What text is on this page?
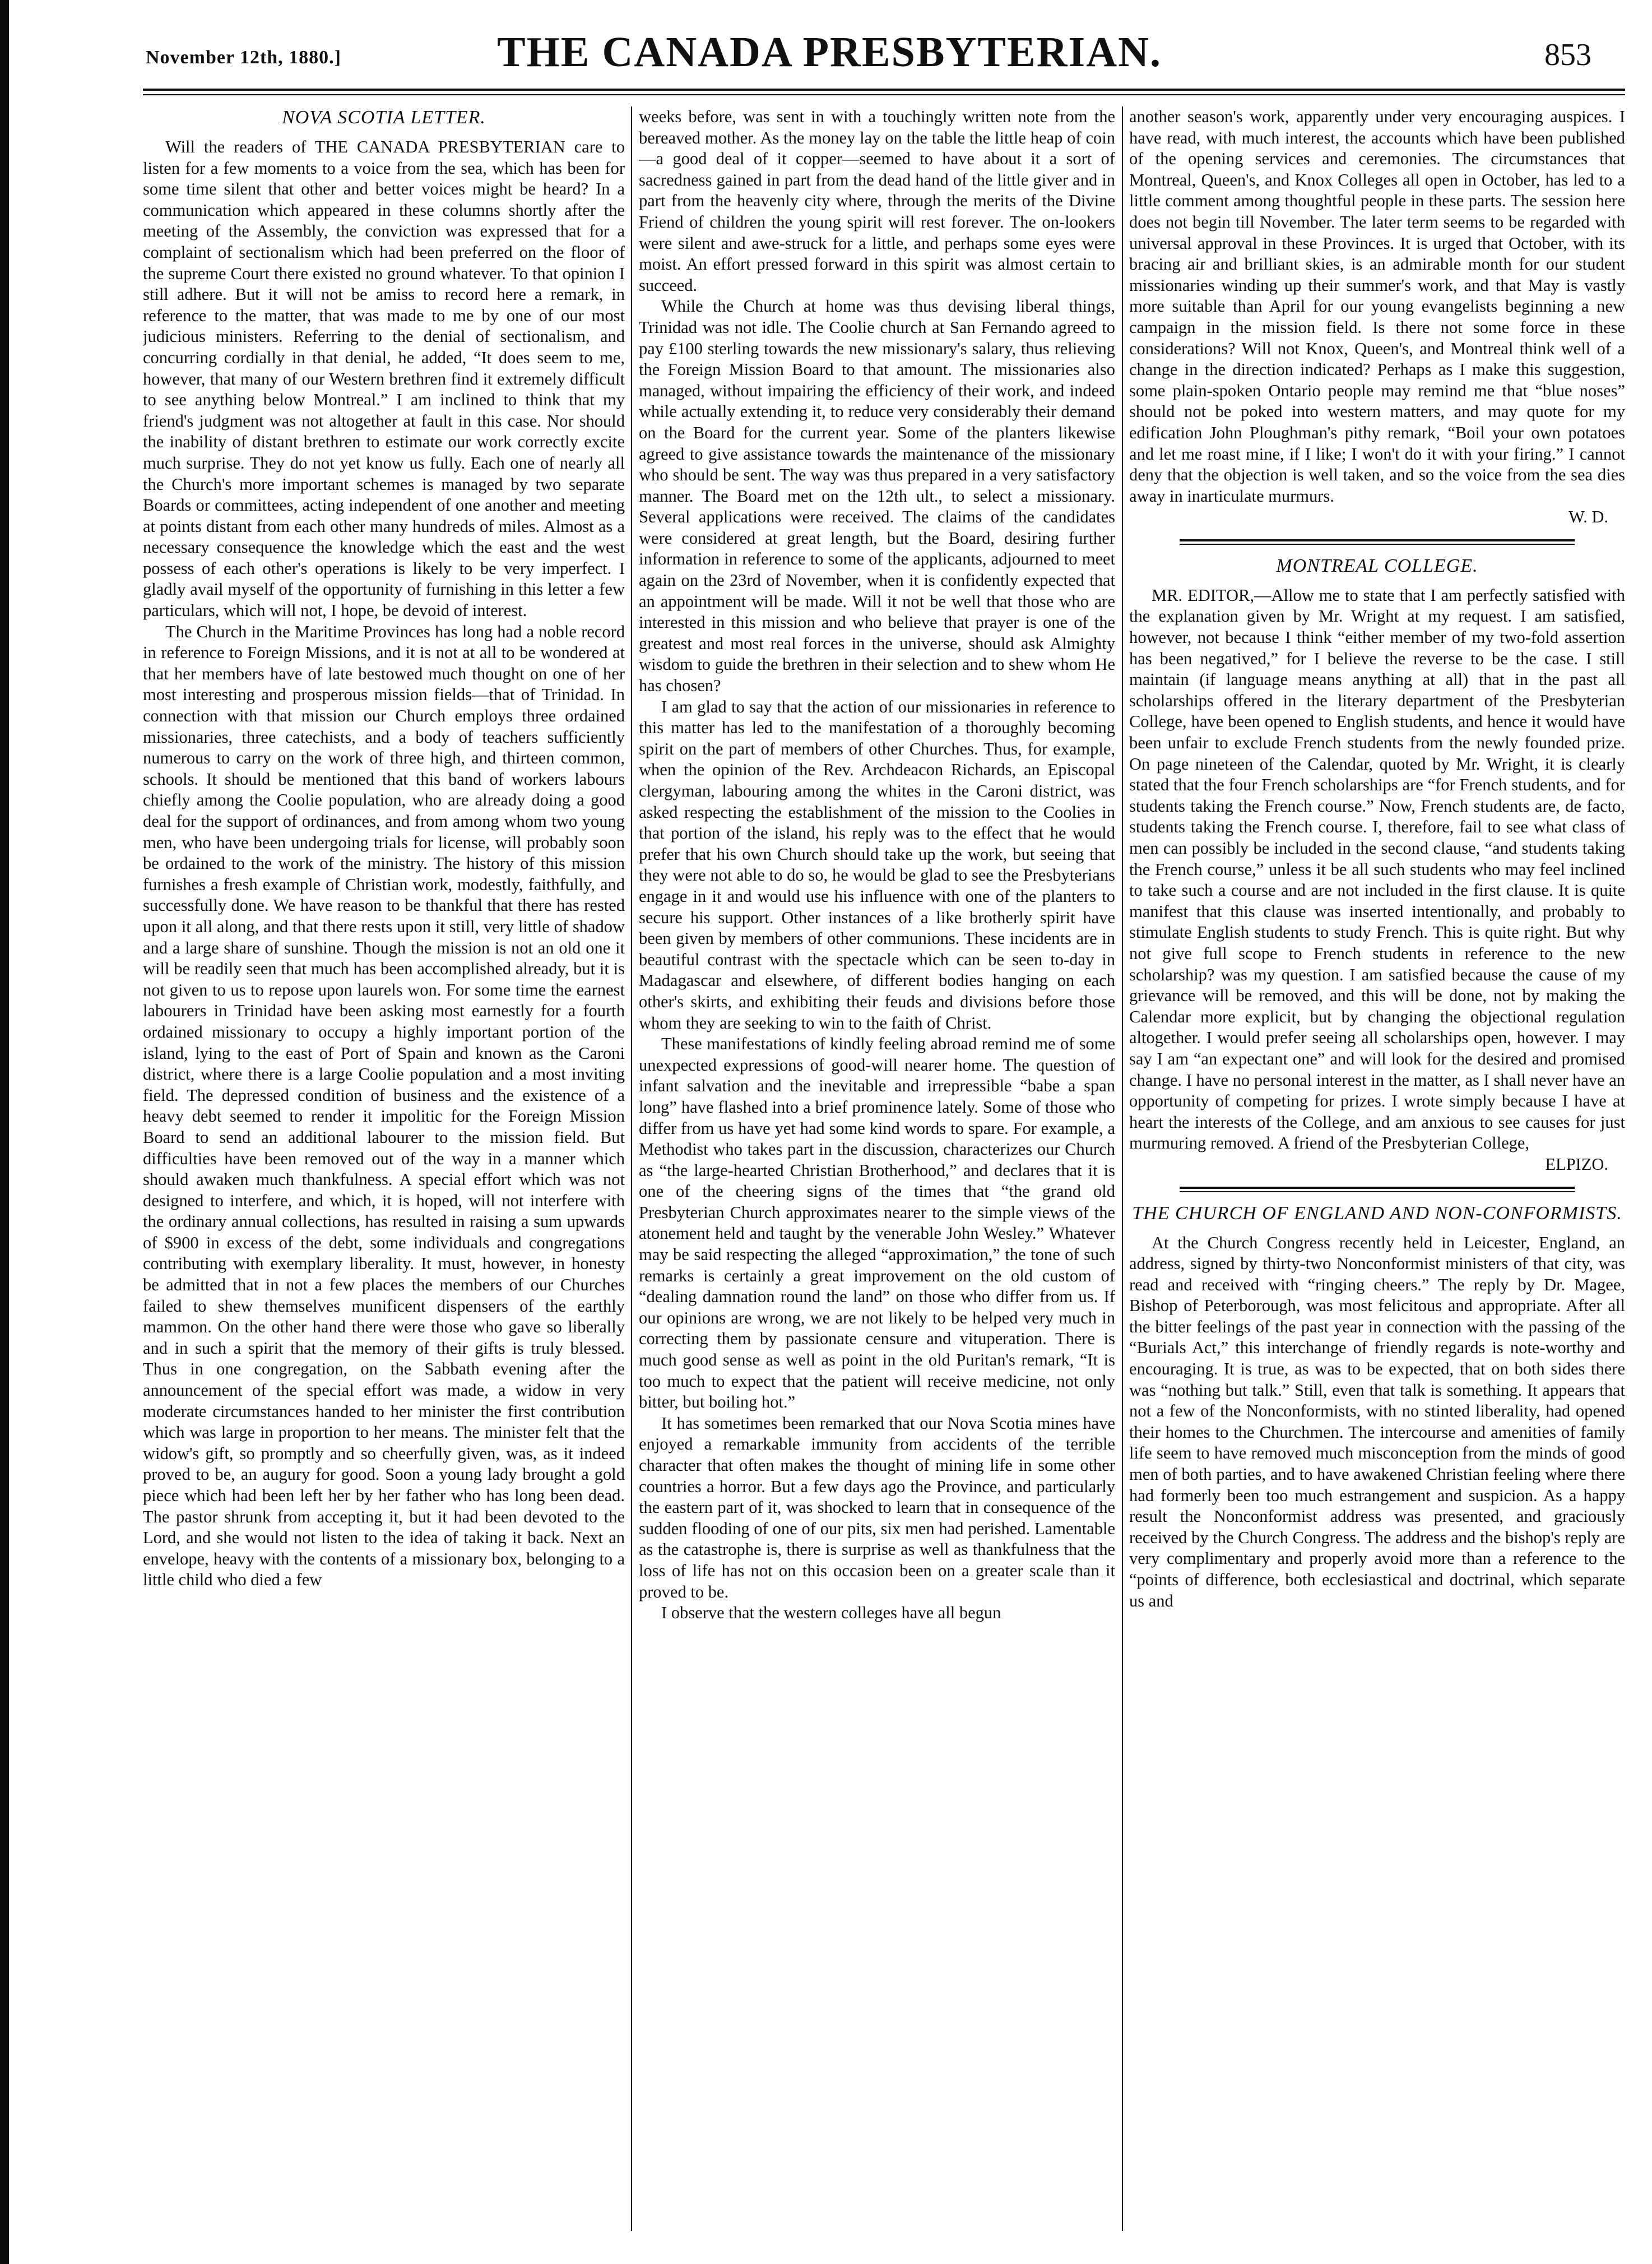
November 12th, 1880.]	THE CANADA PRESBYTERIAN.	853
NOVA SCOTIA LETTER.

Will the readers of THE CANADA PRESBYTERIAN care to listen for a few moments to a voice from the sea, which has been for some time silent that other and better voices might be heard? In a communication which appeared in these columns shortly after the meeting of the Assembly, the conviction was expressed that for a complaint of sectionalism which had been preferred on the floor of the supreme Court there existed no ground whatever. To that opinion I still adhere. But it will not be amiss to record here a remark, in reference to the matter, that was made to me by one of our most judicious ministers. Referring to the denial of sectionalism, and concurring cordially in that denial, he added, “It does seem to me, however, that many of our Western brethren find it extremely difficult to see anything below Montreal.” I am inclined to think that my friend's judgment was not altogether at fault in this case. Nor should the inability of distant brethren to estimate our work correctly excite much surprise. They do not yet know us fully. Each one of nearly all the Church's more important schemes is managed by two separate Boards or committees, acting independent of one another and meeting at points distant from each other many hundreds of miles. Almost as a necessary consequence the knowledge which the east and the west possess of each other's operations is likely to be very imperfect. I gladly avail myself of the opportunity of furnishing in this letter a few particulars, which will not, I hope, be devoid of interest.

The Church in the Maritime Provinces has long had a noble record in reference to Foreign Missions, and it is not at all to be wondered at that her members have of late bestowed much thought on one of her most interesting and prosperous mission fields—that of Trinidad. In connection with that mission our Church employs three ordained missionaries, three catechists, and a body of teachers sufficiently numerous to carry on the work of three high, and thirteen common, schools. It should be mentioned that this band of workers labours chiefly among the Coolie population, who are already doing a good deal for the support of ordinances, and from among whom two young men, who have been undergoing trials for license, will probably soon be ordained to the work of the ministry. The history of this mission furnishes a fresh example of Christian work, modestly, faithfully, and successfully done. We have reason to be thankful that there has rested upon it all along, and that there rests upon it still, very little of shadow and a large share of sunshine. Though the mission is not an old one it will be readily seen that much has been accomplished already, but it is not given to us to repose upon laurels won. For some time the earnest labourers in Trinidad have been asking most earnestly for a fourth ordained missionary to occupy a highly important portion of the island, lying to the east of Port of Spain and known as the Caroni district, where there is a large Coolie population and a most inviting field. The depressed condition of business and the existence of a heavy debt seemed to render it impolitic for the Foreign Mission Board to send an additional labourer to the mission field. But difficulties have been removed out of the way in a manner which should awaken much thankfulness. A special effort which was not designed to interfere, and which, it is hoped, will not interfere with the ordinary annual collections, has resulted in raising a sum upwards of $900 in excess of the debt, some individuals and congregations contributing with exemplary liberality. It must, however, in honesty be admitted that in not a few places the members of our Churches failed to shew themselves munificent dispensers of the earthly mammon. On the other hand there were those who gave so liberally and in such a spirit that the memory of their gifts is truly blessed. Thus in one congregation, on the Sabbath evening after the announcement of the special effort was made, a widow in very moderate circumstances handed to her minister the first contribution which was large in proportion to her means. The minister felt that the widow's gift, so promptly and so cheerfully given, was, as it indeed proved to be, an augury for good. Soon a young lady brought a gold piece which had been left her by her father who has long been dead. The pastor shrunk from accepting it, but it had been devoted to the Lord, and she would not listen to the idea of taking it back. Next an envelope, heavy with the contents of a missionary box, belonging to a little child who died a few

weeks before, was sent in with a touchingly written note from the bereaved mother. As the money lay on the table the little heap of coin—a good deal of it copper—seemed to have about it a sort of sacredness gained in part from the dead hand of the little giver and in part from the heavenly city where, through the merits of the Divine Friend of children the young spirit will rest forever. The on-lookers were silent and awe-struck for a little, and perhaps some eyes were moist. An effort pressed forward in this spirit was almost certain to succeed.

While the Church at home was thus devising liberal things, Trinidad was not idle. The Coolie church at San Fernando agreed to pay £100 sterling towards the new missionary's salary, thus relieving the Foreign Mission Board to that amount. The missionaries also managed, without impairing the efficiency of their work, and indeed while actually extending it, to reduce very considerably their demand on the Board for the current year. Some of the planters likewise agreed to give assistance towards the maintenance of the missionary who should be sent. The way was thus prepared in a very satisfactory manner. The Board met on the 12th ult., to select a missionary. Several applications were received. The claims of the candidates were considered at great length, but the Board, desiring further information in reference to some of the applicants, adjourned to meet again on the 23rd of November, when it is confidently expected that an appointment will be made. Will it not be well that those who are interested in this mission and who believe that prayer is one of the greatest and most real forces in the universe, should ask Almighty wisdom to guide the brethren in their selection and to shew whom He has chosen?

I am glad to say that the action of our missionaries in reference to this matter has led to the manifestation of a thoroughly becoming spirit on the part of members of other Churches. Thus, for example, when the opinion of the Rev. Archdeacon Richards, an Episcopal clergyman, labouring among the whites in the Caroni district, was asked respecting the establishment of the mission to the Coolies in that portion of the island, his reply was to the effect that he would prefer that his own Church should take up the work, but seeing that they were not able to do so, he would be glad to see the Presbyterians engage in it and would use his influence with one of the planters to secure his support. Other instances of a like brotherly spirit have been given by members of other communions. These incidents are in beautiful contrast with the spectacle which can be seen to-day in Madagascar and elsewhere, of different bodies hanging on each other's skirts, and exhibiting their feuds and divisions before those whom they are seeking to win to the faith of Christ.

These manifestations of kindly feeling abroad remind me of some unexpected expressions of good-will nearer home. The question of infant salvation and the inevitable and irrepressible “babe a span long” have flashed into a brief prominence lately. Some of those who differ from us have yet had some kind words to spare. For example, a Methodist who takes part in the discussion, characterizes our Church as “the large-hearted Christian Brotherhood,” and declares that it is one of the cheering signs of the times that “the grand old Presbyterian Church approximates nearer to the simple views of the atonement held and taught by the venerable John Wesley.” Whatever may be said respecting the alleged “approximation,” the tone of such remarks is certainly a great improvement on the old custom of “dealing damnation round the land” on those who differ from us. If our opinions are wrong, we are not likely to be helped very much in correcting them by passionate censure and vituperation. There is much good sense as well as point in the old Puritan's remark, “It is too much to expect that the patient will receive medicine, not only bitter, but boiling hot.”

It has sometimes been remarked that our Nova Scotia mines have enjoyed a remarkable immunity from accidents of the terrible character that often makes the thought of mining life in some other countries a horror. But a few days ago the Province, and particularly the eastern part of it, was shocked to learn that in consequence of the sudden flooding of one of our pits, six men had perished. Lamentable as the catastrophe is, there is surprise as well as thankfulness that the loss of life has not on this occasion been on a greater scale than it proved to be.

I observe that the western colleges have all begun

another season's work, apparently under very encouraging auspices. I have read, with much interest, the accounts which have been published of the opening services and ceremonies. The circumstances that Montreal, Queen's, and Knox Colleges all open in October, has led to a little comment among thoughtful people in these parts. The session here does not begin till November. The later term seems to be regarded with universal approval in these Provinces. It is urged that October, with its bracing air and brilliant skies, is an admirable month for our student missionaries winding up their summer's work, and that May is vastly more suitable than April for our young evangelists beginning a new campaign in the mission field. Is there not some force in these considerations? Will not Knox, Queen's, and Montreal think well of a change in the direction indicated? Perhaps as I make this suggestion, some plain-spoken Ontario people may remind me that “blue noses” should not be poked into western matters, and may quote for my edification John Ploughman's pithy remark, “Boil your own potatoes and let me roast mine, if I like; I won't do it with your firing.” I cannot deny that the objection is well taken, and so the voice from the sea dies away in inarticulate murmurs.

W. D.
MONTREAL COLLEGE.

MR. EDITOR,—Allow me to state that I am perfectly satisfied with the explanation given by Mr. Wright at my request. I am satisfied, however, not because I think “either member of my two-fold assertion has been negatived,” for I believe the reverse to be the case. I still maintain (if language means anything at all) that in the past all scholarships offered in the literary department of the Presbyterian College, have been opened to English students, and hence it would have been unfair to exclude French students from the newly founded prize. On page nineteen of the Calendar, quoted by Mr. Wright, it is clearly stated that the four French scholarships are “for French students, and for students taking the French course.” Now, French students are, de facto, students taking the French course. I, therefore, fail to see what class of men can possibly be included in the second clause, “and students taking the French course,” unless it be all such students who may feel inclined to take such a course and are not included in the first clause. It is quite manifest that this clause was inserted intentionally, and probably to stimulate English students to study French. This is quite right. But why not give full scope to French students in reference to the new scholarship? was my question. I am satisfied because the cause of my grievance will be removed, and this will be done, not by making the Calendar more explicit, but by changing the objectional regulation altogether. I would prefer seeing all scholarships open, however. I may say I am “an expectant one” and will look for the desired and promised change. I have no personal interest in the matter, as I shall never have an opportunity of competing for prizes. I wrote simply because I have at heart the interests of the College, and am anxious to see causes for just murmuring removed. A friend of the Presbyterian College,

ELPIZO.
THE CHURCH OF ENGLAND AND NON-CONFORMISTS.

At the Church Congress recently held in Leicester, England, an address, signed by thirty-two Nonconformist ministers of that city, was read and received with “ringing cheers.” The reply by Dr. Magee, Bishop of Peterborough, was most felicitous and appropriate. After all the bitter feelings of the past year in connection with the passing of the “Burials Act,” this interchange of friendly regards is note-worthy and encouraging. It is true, as was to be expected, that on both sides there was “nothing but talk.” Still, even that talk is something. It appears that not a few of the Nonconformists, with no stinted liberality, had opened their homes to the Churchmen. The intercourse and amenities of family life seem to have removed much misconception from the minds of good men of both parties, and to have awakened Christian feeling where there had formerly been too much estrangement and suspicion. As a happy result the Nonconformist address was presented, and graciously received by the Church Congress. The address and the bishop's reply are very complimentary and properly avoid more than a reference to the “points of difference, both ecclesiastical and doctrinal, which separate us and
